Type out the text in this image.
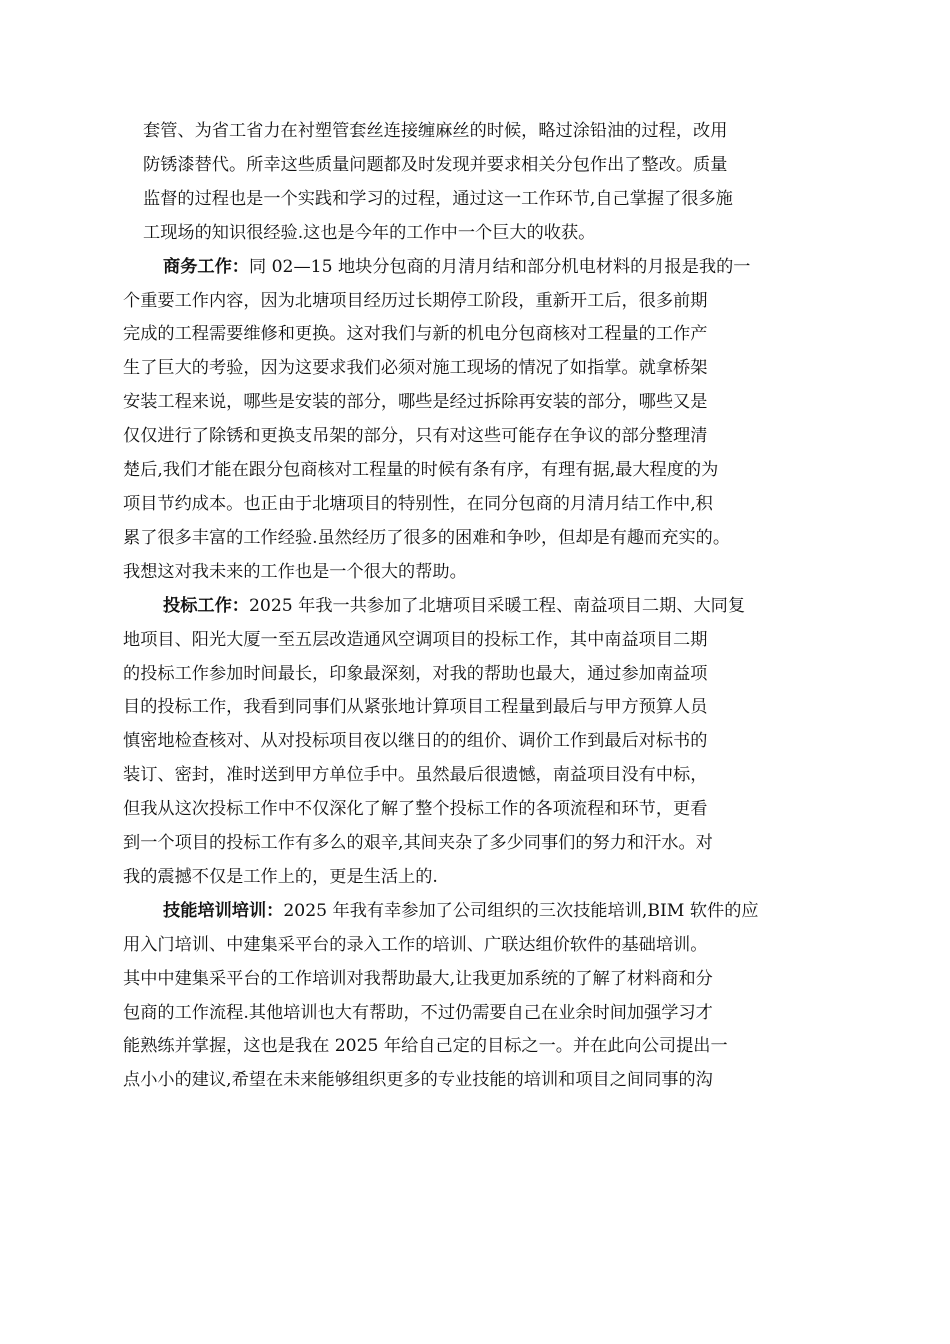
套管、为省工省力在衬塑管套丝连接缠麻丝的时候，略过涂铅油的过程，改用
防锈漆替代。所幸这些质量问题都及时发现并要求相关分包作出了整改。质量
监督的过程也是一个实践和学习的过程，通过这一工作环节,自己掌握了很多施
工现场的知识很经验.这也是今年的工作中一个巨大的收获。

商务工作：同 02—15 地块分包商的月清月结和部分机电材料的月报是我的一
个重要工作内容，因为北塘项目经历过长期停工阶段，重新开工后，很多前期
完成的工程需要维修和更换。这对我们与新的机电分包商核对工程量的工作产
生了巨大的考验，因为这要求我们必须对施工现场的情况了如指掌。就拿桥架
安装工程来说，哪些是安装的部分，哪些是经过拆除再安装的部分，哪些又是
仅仅进行了除锈和更换支吊架的部分，只有对这些可能存在争议的部分整理清
楚后,我们才能在跟分包商核对工程量的时候有条有序，有理有据,最大程度的为
项目节约成本。也正由于北塘项目的特别性，在同分包商的月清月结工作中,积
累了很多丰富的工作经验.虽然经历了很多的困难和争吵，但却是有趣而充实的。
我想这对我未来的工作也是一个很大的帮助。

投标工作：2025 年我一共参加了北塘项目采暖工程、南益项目二期、大同复
地项目、阳光大厦一至五层改造通风空调项目的投标工作，其中南益项目二期
的投标工作参加时间最长，印象最深刻，对我的帮助也最大，通过参加南益项
目的投标工作，我看到同事们从紧张地计算项目工程量到最后与甲方预算人员
慎密地检查核对、从对投标项目夜以继日的的组价、调价工作到最后对标书的
装订、密封，准时送到甲方单位手中。虽然最后很遗憾，南益项目没有中标，
但我从这次投标工作中不仅深化了解了整个投标工作的各项流程和环节，更看
到一个项目的投标工作有多么的艰辛,其间夹杂了多少同事们的努力和汗水。对
我的震撼不仅是工作上的，更是生活上的.

技能培训培训：2025 年我有幸参加了公司组织的三次技能培训,BIM 软件的应
用入门培训、中建集采平台的录入工作的培训、广联达组价软件的基础培训。
其中中建集采平台的工作培训对我帮助最大,让我更加系统的了解了材料商和分
包商的工作流程.其他培训也大有帮助，不过仍需要自己在业余时间加强学习才
能熟练并掌握，这也是我在 2025 年给自己定的目标之一。并在此向公司提出一
点小小的建议,希望在未来能够组织更多的专业技能的培训和项目之间同事的沟
